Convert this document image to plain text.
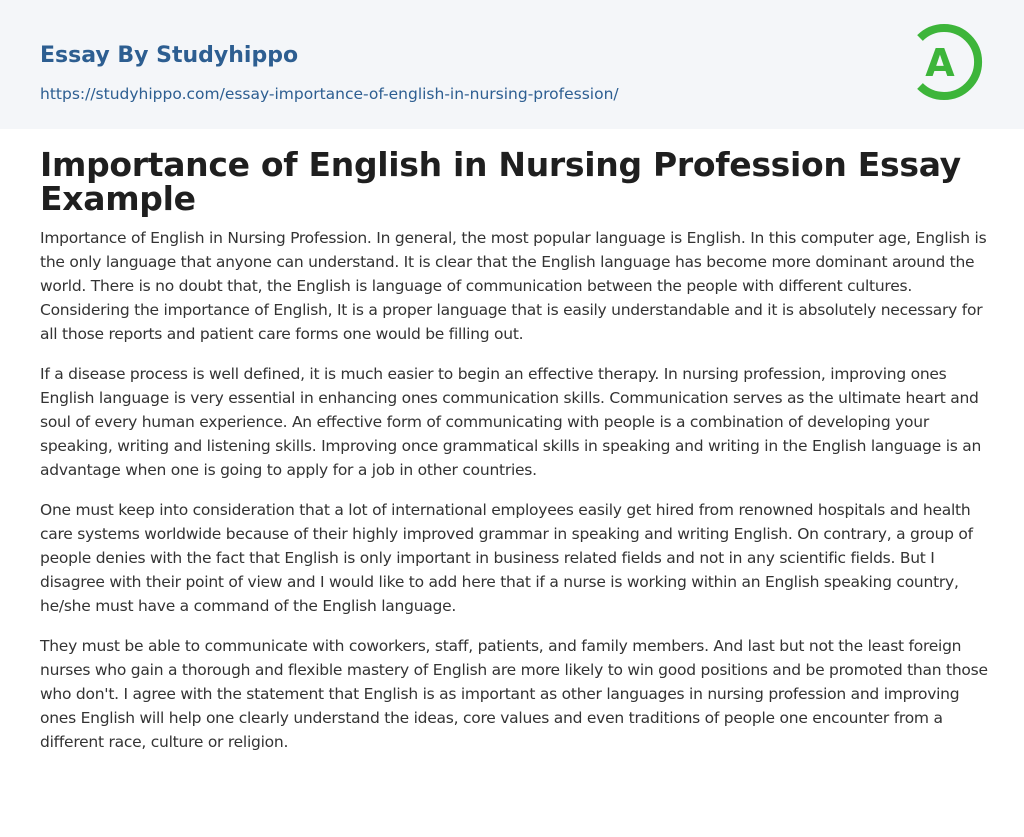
Essay By Studyhippo
https://studyhippo.com/essay-importance-of-english-in-nursing-profession/
A
Importance of English in Nursing Profession Essay Example

Importance of English in Nursing Profession. In general, the most popular language is English. In this computer age, English is the only language that anyone can understand. It is clear that the English language has become more dominant around the world. There is no doubt that, the English is language of communication between the people with different cultures. Considering the importance of English, It is a proper language that is easily understandable and it is absolutely necessary for all those reports and patient care forms one would be filling out.

If a disease process is well defined, it is much easier to begin an effective therapy. In nursing profession, improving ones English language is very essential in enhancing ones communication skills. Communication serves as the ultimate heart and soul of every human experience. An effective form of communicating with people is a combination of developing your speaking, writing and listening skills. Improving once grammatical skills in speaking and writing in the English language is an advantage when one is going to apply for a job in other countries.

One must keep into consideration that a lot of international employees easily get hired from renowned hospitals and health care systems worldwide because of their highly improved grammar in speaking and writing English. On contrary, a group of people denies with the fact that English is only important in business related fields and not in any scientific fields. But I disagree with their point of view and I would like to add here that if a nurse is working within an English speaking country, he/she must have a command of the English language.

They must be able to communicate with coworkers, staff, patients, and family members. And last but not the least foreign nurses who gain a thorough and flexible mastery of English are more likely to win good positions and be promoted than those who don't. I agree with the statement that English is as important as other languages in nursing profession and improving ones English will help one clearly understand the ideas, core values and even traditions of people one encounter from a different race, culture or religion.
